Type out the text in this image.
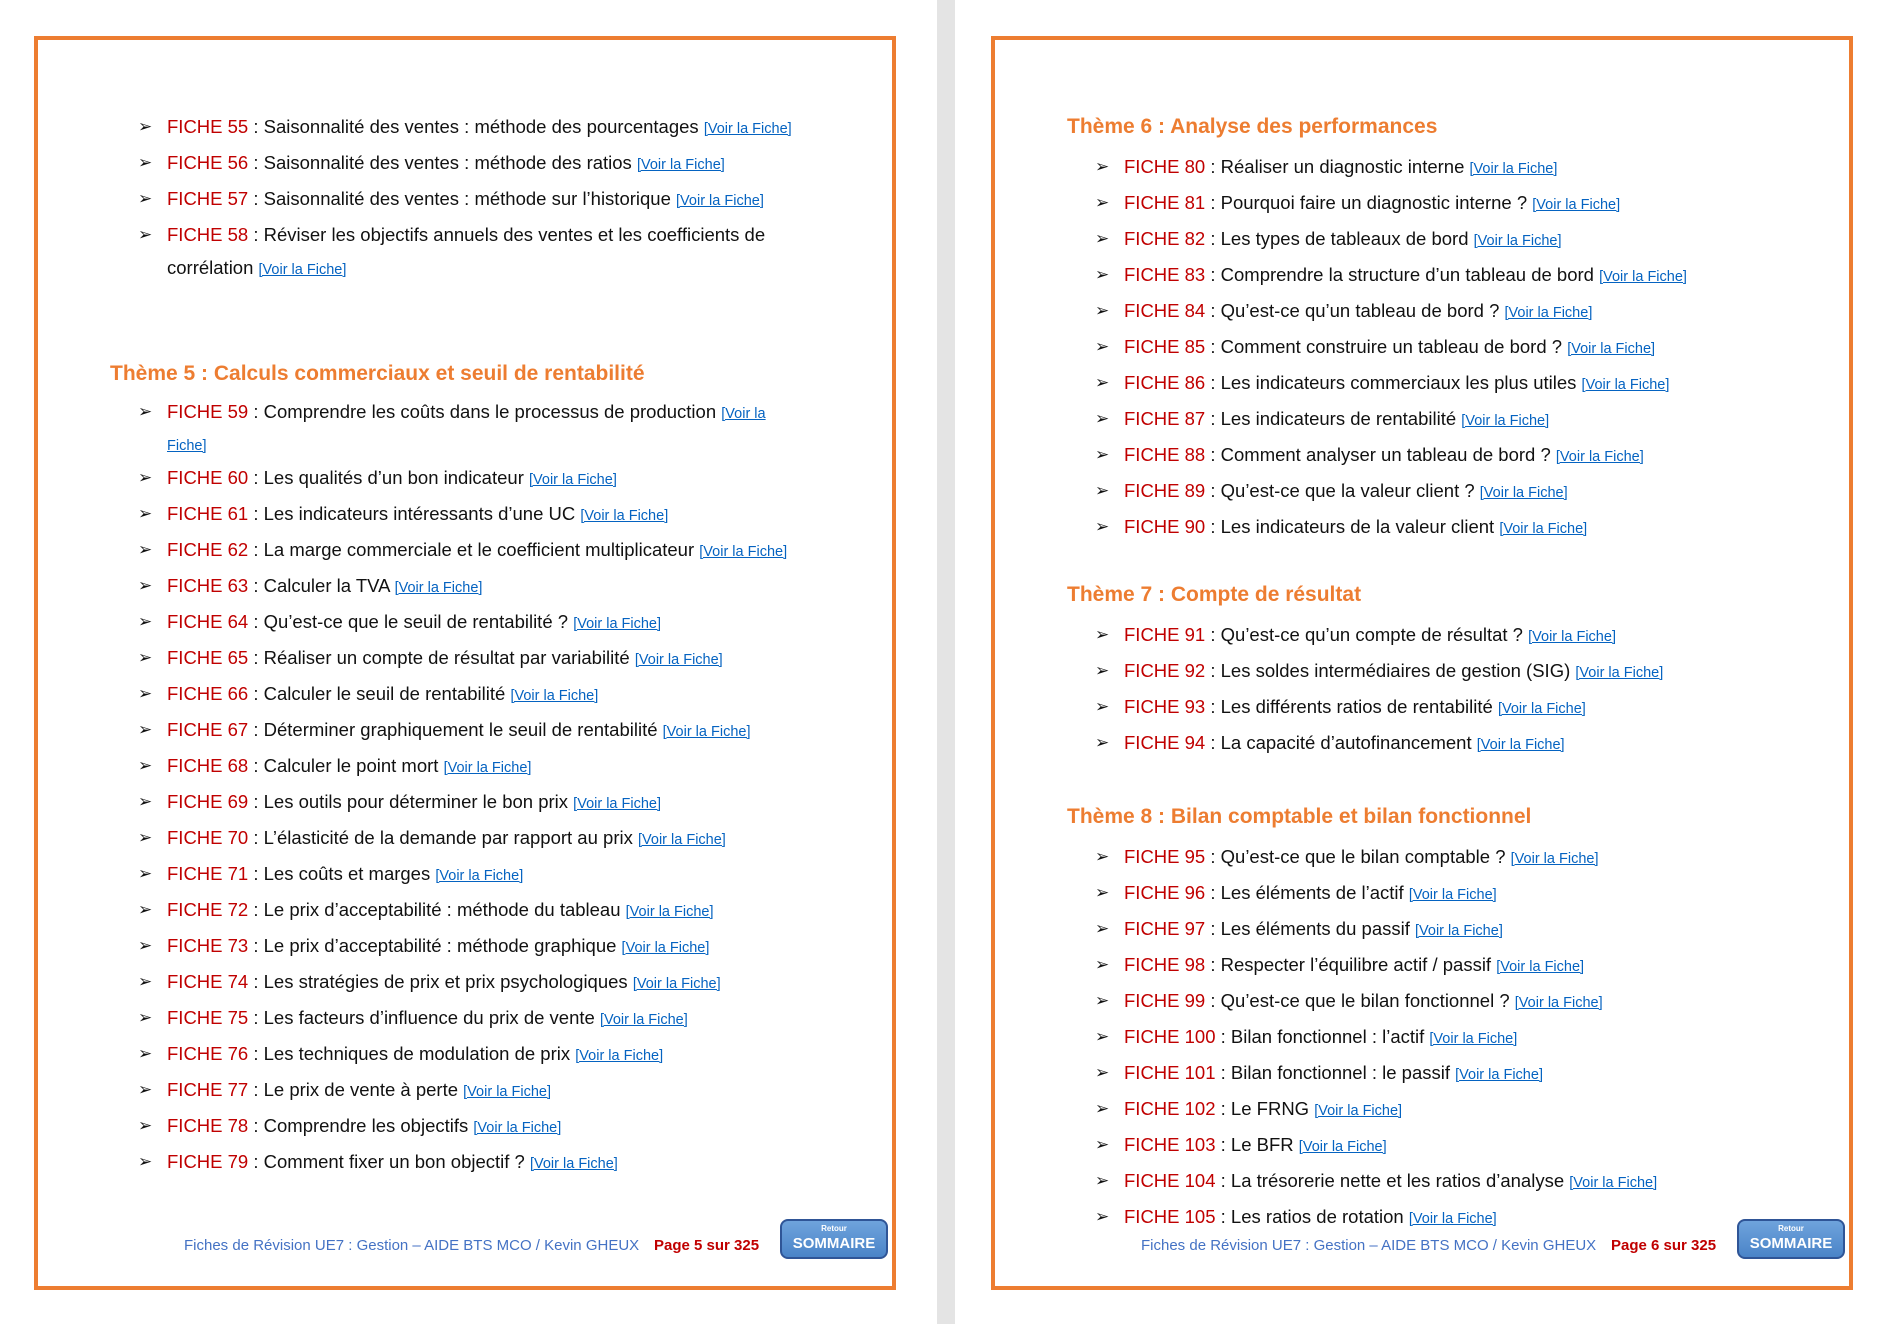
➢ FICHE 55 : Saisonnalité des ventes : méthode des pourcentages [Voir la Fiche]
➢ FICHE 56 : Saisonnalité des ventes : méthode des ratios [Voir la Fiche]
➢ FICHE 57 : Saisonnalité des ventes : méthode sur l’historique [Voir la Fiche]
➢ FICHE 58 : Réviser les objectifs annuels des ventes et les coefficients de corrélation [Voir la Fiche]
Thème 5 : Calculs commerciaux et seuil de rentabilité
➢ FICHE 59 : Comprendre les coûts dans le processus de production [Voir la Fiche]
➢ FICHE 60 : Les qualités d’un bon indicateur [Voir la Fiche]
➢ FICHE 61 : Les indicateurs intéressants d’une UC [Voir la Fiche]
➢ FICHE 62 : La marge commerciale et le coefficient multiplicateur [Voir la Fiche]
➢ FICHE 63 : Calculer la TVA [Voir la Fiche]
➢ FICHE 64 : Qu’est-ce que le seuil de rentabilité ? [Voir la Fiche]
➢ FICHE 65 : Réaliser un compte de résultat par variabilité [Voir la Fiche]
➢ FICHE 66 : Calculer le seuil de rentabilité [Voir la Fiche]
➢ FICHE 67 : Déterminer graphiquement le seuil de rentabilité [Voir la Fiche]
➢ FICHE 68 : Calculer le point mort [Voir la Fiche]
➢ FICHE 69 : Les outils pour déterminer le bon prix [Voir la Fiche]
➢ FICHE 70 : L’élasticité de la demande par rapport au prix [Voir la Fiche]
➢ FICHE 71 : Les coûts et marges [Voir la Fiche]
➢ FICHE 72 : Le prix d’acceptabilité : méthode du tableau [Voir la Fiche]
➢ FICHE 73 : Le prix d’acceptabilité : méthode graphique [Voir la Fiche]
➢ FICHE 74 : Les stratégies de prix et prix psychologiques [Voir la Fiche]
➢ FICHE 75 : Les facteurs d’influence du prix de vente [Voir la Fiche]
➢ FICHE 76 : Les techniques de modulation de prix [Voir la Fiche]
➢ FICHE 77 : Le prix de vente à perte [Voir la Fiche]
➢ FICHE 78 : Comprendre les objectifs [Voir la Fiche]
➢ FICHE 79 : Comment fixer un bon objectif ? [Voir la Fiche]
Fiches de Révision UE7 : Gestion – AIDE BTS MCO / Kevin GHEUX Page 5 sur 325
Retour
SOMMAIRE
Thème 6 : Analyse des performances
➢ FICHE 80 : Réaliser un diagnostic interne [Voir la Fiche]
➢ FICHE 81 : Pourquoi faire un diagnostic interne ? [Voir la Fiche]
➢ FICHE 82 : Les types de tableaux de bord [Voir la Fiche]
➢ FICHE 83 : Comprendre la structure d’un tableau de bord [Voir la Fiche]
➢ FICHE 84 : Qu’est-ce qu’un tableau de bord ? [Voir la Fiche]
➢ FICHE 85 : Comment construire un tableau de bord ? [Voir la Fiche]
➢ FICHE 86 : Les indicateurs commerciaux les plus utiles [Voir la Fiche]
➢ FICHE 87 : Les indicateurs de rentabilité [Voir la Fiche]
➢ FICHE 88 : Comment analyser un tableau de bord ? [Voir la Fiche]
➢ FICHE 89 : Qu’est-ce que la valeur client ? [Voir la Fiche]
➢ FICHE 90 : Les indicateurs de la valeur client [Voir la Fiche]
Thème 7 : Compte de résultat
➢ FICHE 91 : Qu’est-ce qu’un compte de résultat ? [Voir la Fiche]
➢ FICHE 92 : Les soldes intermédiaires de gestion (SIG) [Voir la Fiche]
➢ FICHE 93 : Les différents ratios de rentabilité [Voir la Fiche]
➢ FICHE 94 : La capacité d’autofinancement [Voir la Fiche]
Thème 8 : Bilan comptable et bilan fonctionnel
➢ FICHE 95 : Qu’est-ce que le bilan comptable ? [Voir la Fiche]
➢ FICHE 96 : Les éléments de l’actif [Voir la Fiche]
➢ FICHE 97 : Les éléments du passif [Voir la Fiche]
➢ FICHE 98 : Respecter l’équilibre actif / passif [Voir la Fiche]
➢ FICHE 99 : Qu’est-ce que le bilan fonctionnel ? [Voir la Fiche]
➢ FICHE 100 : Bilan fonctionnel : l’actif [Voir la Fiche]
➢ FICHE 101 : Bilan fonctionnel : le passif [Voir la Fiche]
➢ FICHE 102 : Le FRNG [Voir la Fiche]
➢ FICHE 103 : Le BFR [Voir la Fiche]
➢ FICHE 104 : La trésorerie nette et les ratios d’analyse [Voir la Fiche]
➢ FICHE 105 : Les ratios de rotation [Voir la Fiche]
Fiches de Révision UE7 : Gestion – AIDE BTS MCO / Kevin GHEUX Page 6 sur 325
Retour
SOMMAIRE
